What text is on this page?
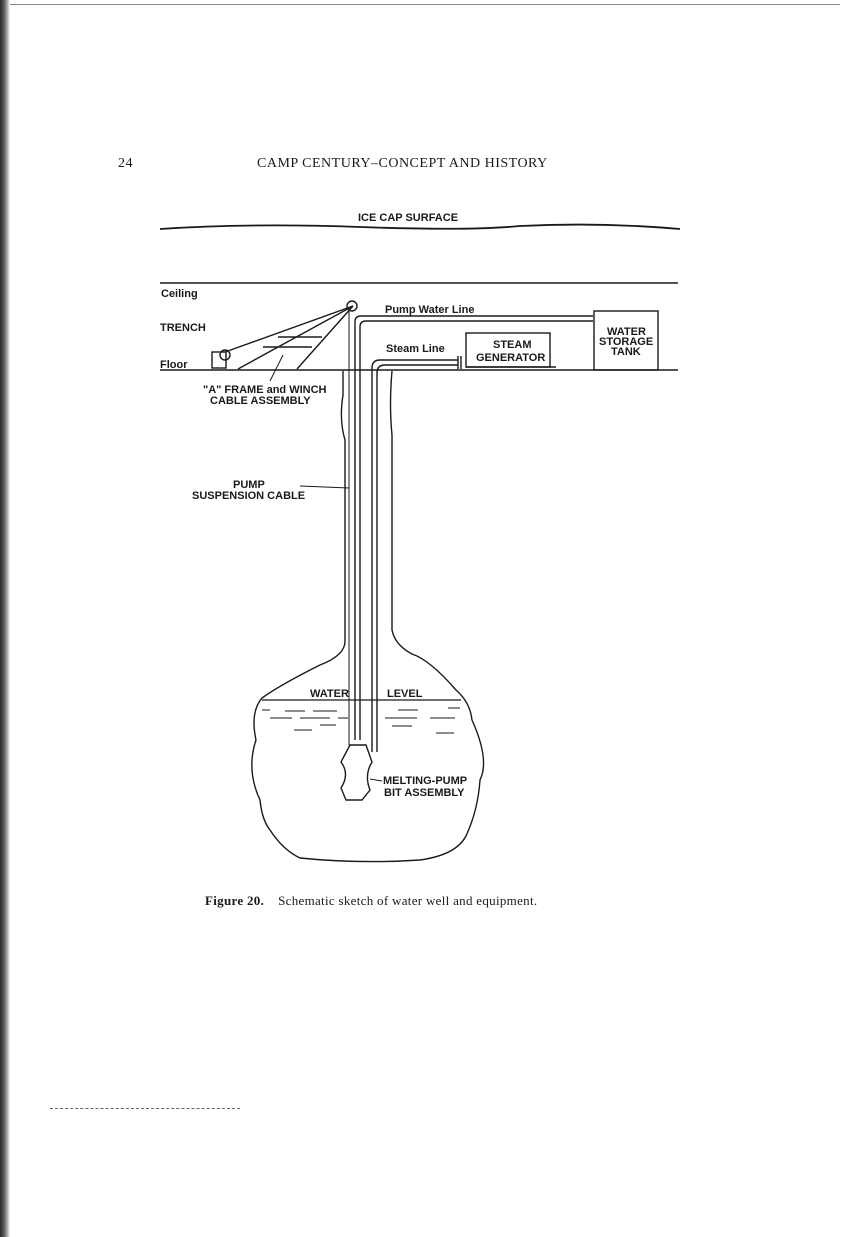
24	CAMP CENTURY–CONCEPT AND HISTORY
ICE CAP SURFACE
Ceiling
TRENCH
Floor
Pump Water Line
Steam Line	STEAM
GENERATOR
WATER
STORAGE
TANK
"A" FRAME and WINCH
CABLE ASSEMBLY
PUMP
SUSPENSION CABLE
WATER	LEVEL
MELTING-PUMP
BIT ASSEMBLY
Figure 20. Schematic sketch of water well and equipment.
